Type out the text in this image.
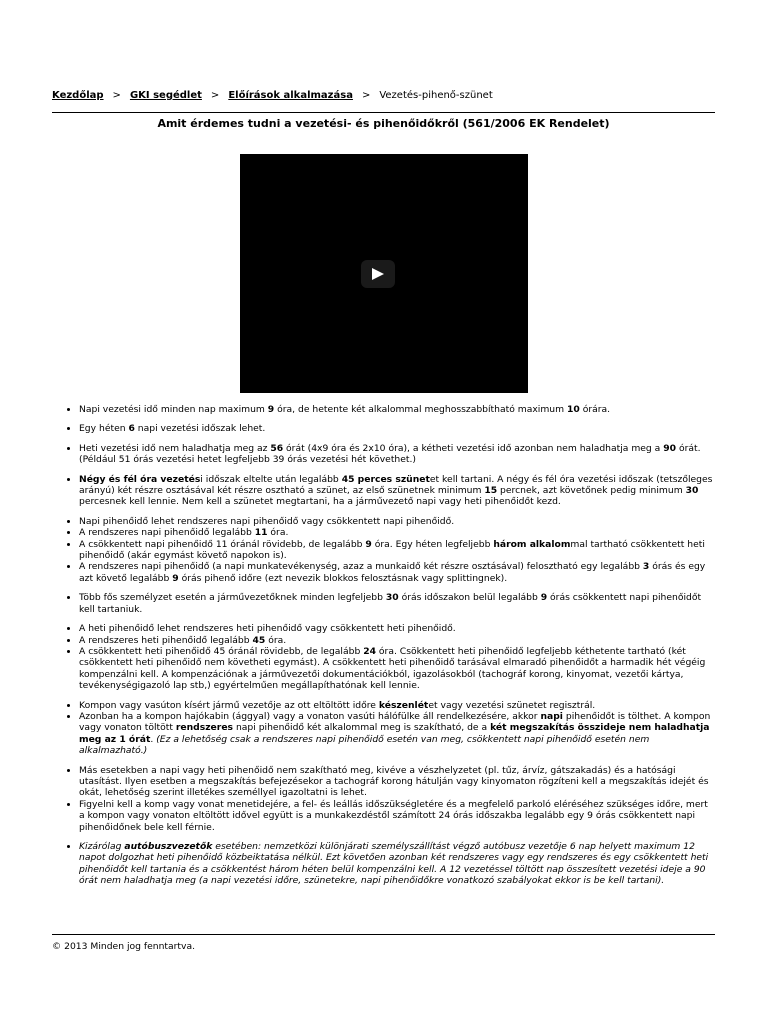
Kezdőlap > GKI segédlet > Előírások alkalmazása > Vezetés-pihenő-szünet
Amit érdemes tudni a vezetési- és pihenőidőkről (561/2006 EK Rendelet)
• Napi vezetési idő minden nap maximum 9 óra, de hetente két alkalommal meghosszabbítható maximum 10 órára.
• Egy héten 6 napi vezetési időszak lehet.
• Heti vezetési idő nem haladhatja meg az 56 órát (4x9 óra és 2x10 óra), a kétheti vezetési idő azonban nem haladhatja meg a 90 órát. (Például 51 órás vezetési hetet legfeljebb 39 órás vezetési hét követhet.)
• Négy és fél óra vezetési időszak eltelte után legalább 45 perces szünetet kell tartani. A négy és fél óra vezetési időszak (tetszőleges arányú) két részre osztásával két részre osztható a szünet, az első szünetnek minimum 15 percnek, azt követőnek pedig minimum 30 percesnek kell lennie. Nem kell a szünetet megtartani, ha a járművezető napi vagy heti pihenőidőt kezd.
• Napi pihenőidő lehet rendszeres napi pihenőidő vagy csökkentett napi pihenőidő.
• A rendszeres napi pihenőidő legalább 11 óra.
• A csökkentett napi pihenőidő 11 óránál rövidebb, de legalább 9 óra. Egy héten legfeljebb három alkalommal tartható csökkentett heti pihenőidő (akár egymást követő napokon is).
• A rendszeres napi pihenőidő (a napi munkatevékenység, azaz a munkaidő két részre osztásával) felosztható egy legalább 3 órás és egy azt követő legalább 9 órás pihenő időre (ezt nevezik blokkos felosztásnak vagy splittingnek).
• Több fős személyzet esetén a járművezetőknek minden legfeljebb 30 órás időszakon belül legalább 9 órás csökkentett napi pihenőidőt kell tartaniuk.
• A heti pihenőidő lehet rendszeres heti pihenőidő vagy csökkentett heti pihenőidő.
• A rendszeres heti pihenőidő legalább 45 óra.
• A csökkentett heti pihenőidő 45 óránál rövidebb, de legalább 24 óra. Csökkentett heti pihenőidő legfeljebb kéthetente tartható (két csökkentett heti pihenőidő nem követheti egymást). A csökkentett heti pihenőidő tarásával elmaradó pihenőidőt a harmadik hét végéig kompenzálni kell. A kompenzációnak a járművezetői dokumentációkból, igazolásokból (tachográf korong, kinyomat, vezetői kártya, tevékenységigazoló lap stb,) egyértelműen megállapíthatónak kell lennie.
• Kompon vagy vasúton kísért jármű vezetője az ott eltöltött időre készenlétet vagy vezetési szünetet regisztrál.
• Azonban ha a kompon hajókabin (ággyal) vagy a vonaton vasúti hálófülke áll rendelkezésére, akkor napi pihenőidőt is tölthet. A kompon vagy vonaton töltött rendszeres napi pihenőidő két alkalommal meg is szakítható, de a két megszakítás összideje nem haladhatja meg az 1 órát. (Ez a lehetőség csak a rendszeres napi pihenőidő esetén van meg, csökkentett napi pihenőidő esetén nem alkalmazható.)
• Más esetekben a napi vagy heti pihenőidő nem szakítható meg, kivéve a vészhelyzetet (pl. tűz, árvíz, gátszakadás) és a hatósági utasítást. Ilyen esetben a megszakítás befejezésekor a tachográf korong hátulján vagy kinyomaton rögzíteni kell a megszakítás idejét és okát, lehetőség szerint illetékes személlyel igazoltatni is lehet.
• Figyelni kell a komp vagy vonat menetidejére, a fel- és leállás időszükségletére és a megfelelő parkoló eléréséhez szükséges időre, mert a kompon vagy vonaton eltöltött idővel együtt is a munkakezdéstől számított 24 órás időszakba legalább egy 9 órás csökkentett napi pihenőidőnek bele kell férnie.
• Kizárólag autóbuszvezetők esetében: nemzetközi különjárati személyszállítást végző autóbusz vezetője 6 nap helyett maximum 12 napot dolgozhat heti pihenőidő közbeiktatása nélkül. Ezt követően azonban két rendszeres vagy egy rendszeres és egy csökkentett heti pihenőidőt kell tartania és a csökkentést három héten belül kompenzálni kell. A 12 vezetéssel töltött nap összesített vezetési ideje a 90 órát nem haladhatja meg (a napi vezetési időre, szünetekre, napi pihenőidőkre vonatkozó szabályokat ekkor is be kell tartani).
© 2013 Minden jog fenntartva.
